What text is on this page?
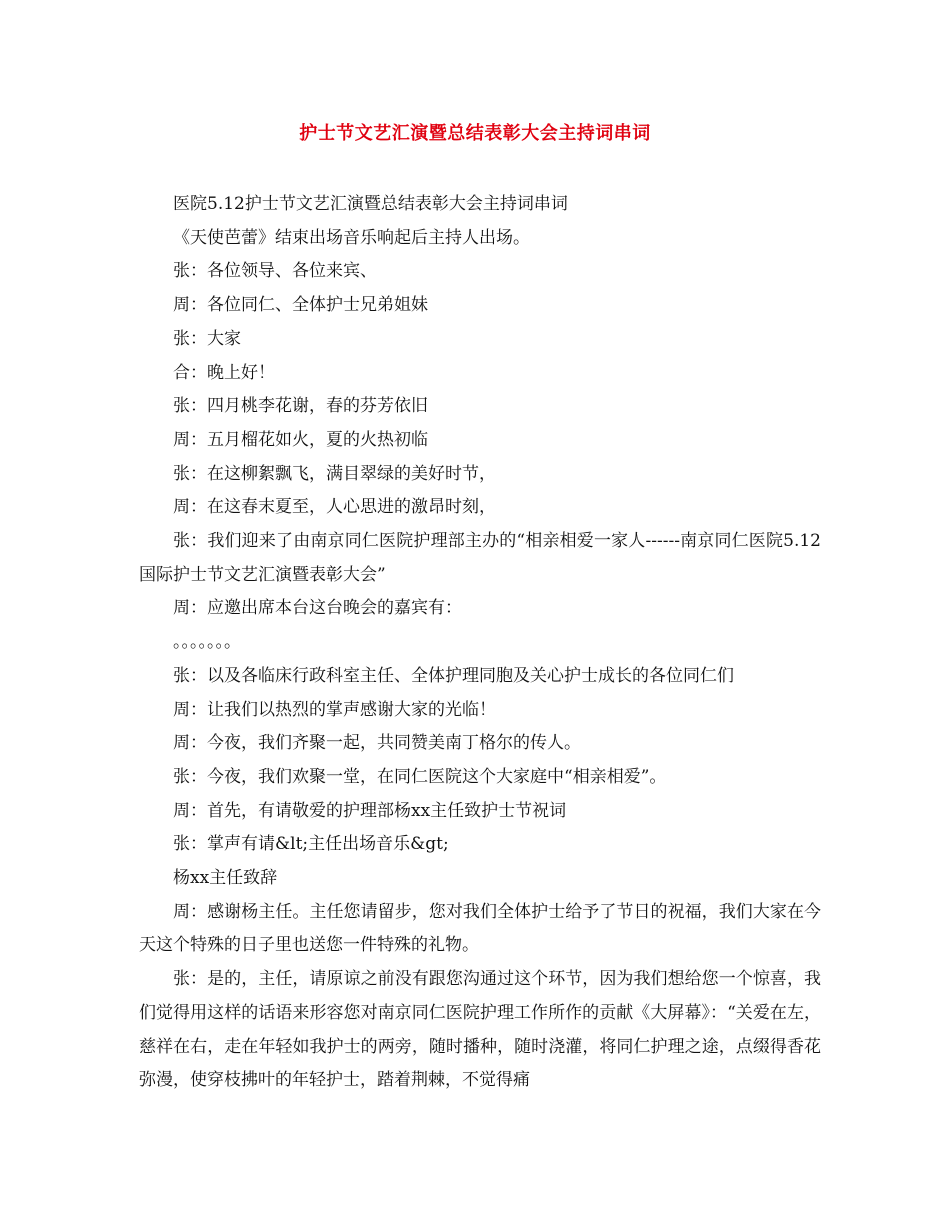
护士节文艺汇演暨总结表彰大会主持词串词

医院5.12护士节文艺汇演暨总结表彰大会主持词串词

《天使芭蕾》结束出场音乐响起后主持人出场。

张：各位领导、各位来宾、

周：各位同仁、全体护士兄弟姐妹

张：大家

合：晚上好！

张：四月桃李花谢，春的芬芳依旧

周：五月榴花如火，夏的火热初临

张：在这柳絮飘飞，满目翠绿的美好时节，

周：在这春末夏至，人心思进的激昂时刻，

张：我们迎来了由南京同仁医院护理部主办的“相亲相爱一家人------南京同仁医院5.12国际护士节文艺汇演暨表彰大会”

周：应邀出席本台这台晚会的嘉宾有：

。。。。。。。

张：以及各临床行政科室主任、全体护理同胞及关心护士成长的各位同仁们

周：让我们以热烈的掌声感谢大家的光临！

周：今夜，我们齐聚一起，共同赞美南丁格尔的传人。

张：今夜，我们欢聚一堂，在同仁医院这个大家庭中“相亲相爱”。

周：首先，有请敬爱的护理部杨xx主任致护士节祝词

张：掌声有请&lt;主任出场音乐&gt;

杨xx主任致辞

周：感谢杨主任。主任您请留步，您对我们全体护士给予了节日的祝福，我们大家在今天这个特殊的日子里也送您一件特殊的礼物。

张：是的，主任，请原谅之前没有跟您沟通过这个环节，因为我们想给您一个惊喜，我们觉得用这样的话语来形容您对南京同仁医院护理工作所作的贡献《大屏幕》：“关爱在左，慈祥在右，走在年轻如我护士的两旁，随时播种，随时浇灌，将同仁护理之途，点缀得香花弥漫，使穿枝拂叶的年轻护士，踏着荆棘，不觉得痛
